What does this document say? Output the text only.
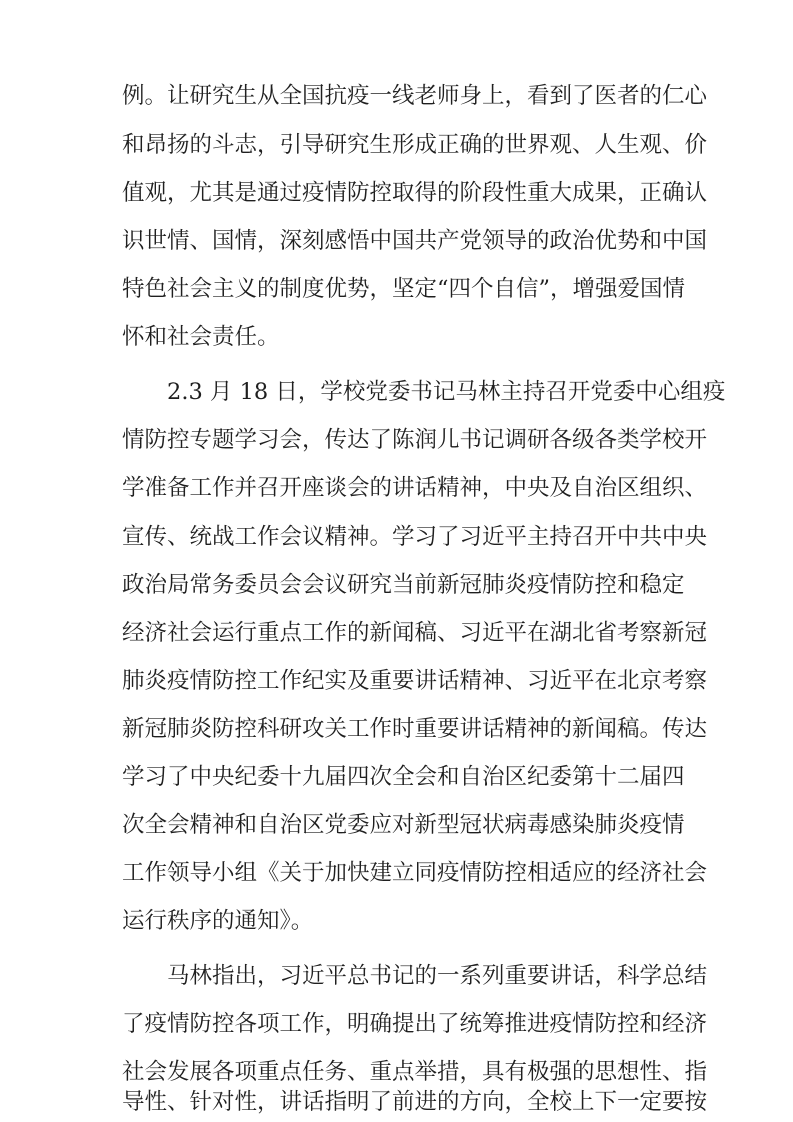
例。让研究生从全国抗疫一线老师身上，看到了医者的仁心

和昂扬的斗志，引导研究生形成正确的世界观、人生观、价

值观，尤其是通过疫情防控取得的阶段性重大成果，正确认

识世情、国情，深刻感悟中国共产党领导的政治优势和中国

特色社会主义的制度优势，坚定“四个自信”，增强爱国情

怀和社会责任。

2.3 月 18 日，学校党委书记马林主持召开党委中心组疫

情防控专题学习会，传达了陈润儿书记调研各级各类学校开

学准备工作并召开座谈会的讲话精神，中央及自治区组织、

宣传、统战工作会议精神。学习了习近平主持召开中共中央

政治局常务委员会会议研究当前新冠肺炎疫情防控和稳定

经济社会运行重点工作的新闻稿、习近平在湖北省考察新冠

肺炎疫情防控工作纪实及重要讲话精神、习近平在北京考察

新冠肺炎防控科研攻关工作时重要讲话精神的新闻稿。传达

学习了中央纪委十九届四次全会和自治区纪委第十二届四

次全会精神和自治区党委应对新型冠状病毒感染肺炎疫情

工作领导小组《关于加快建立同疫情防控相适应的经济社会

运行秩序的通知》。

马林指出，习近平总书记的一系列重要讲话，科学总结

了疫情防控各项工作，明确提出了统筹推进疫情防控和经济

社会发展各项重点任务、重点举措，具有极强的思想性、指

导性、针对性，讲话指明了前进的方向，全校上下一定要按
